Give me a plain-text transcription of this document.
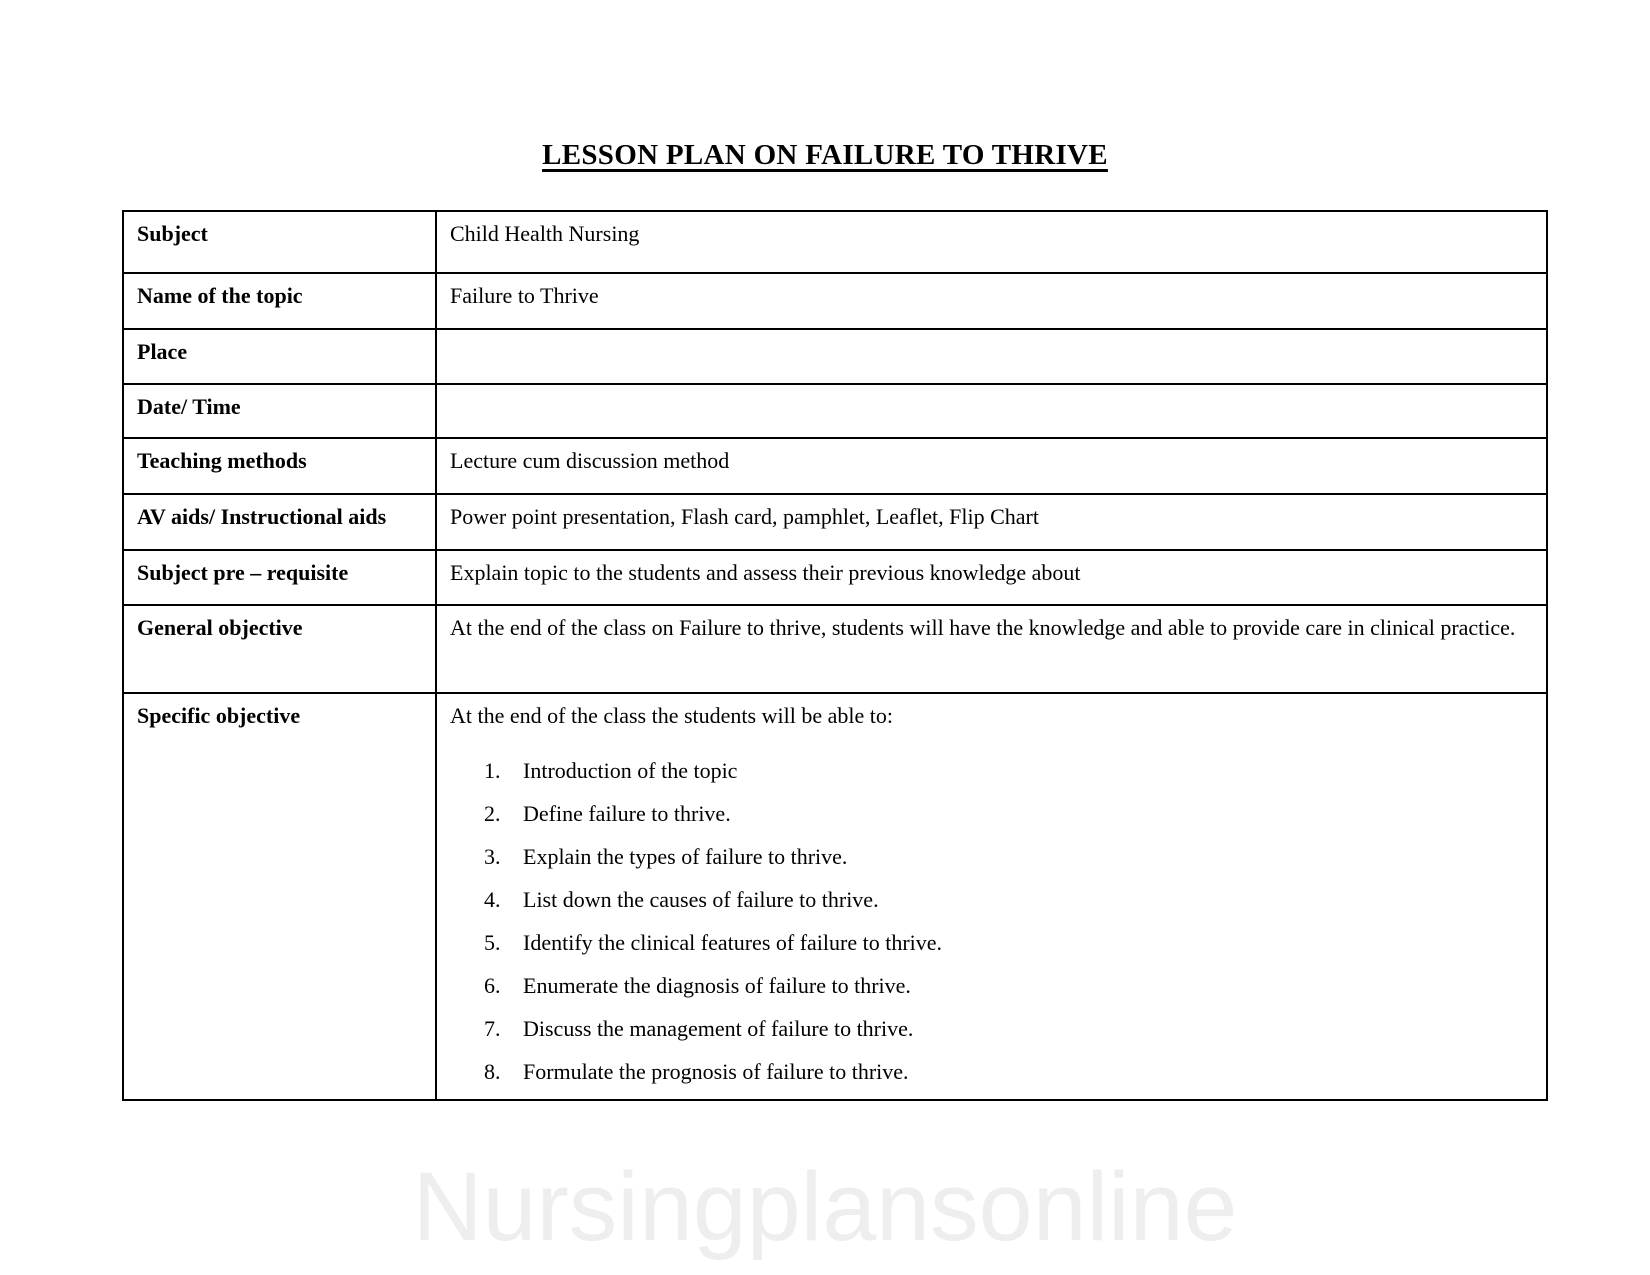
LESSON PLAN ON FAILURE TO THRIVE
Subject	Child Health Nursing
Name of the topic	Failure to Thrive
Place	
Date/ Time	
Teaching methods	Lecture cum discussion method
AV aids/ Instructional aids	Power point presentation, Flash card, pamphlet, Leaflet, Flip Chart
Subject pre – requisite	Explain topic to the students and assess their previous knowledge about
General objective	At the end of the class on Failure to thrive, students will have the knowledge and able to provide care in clinical practice.

Specific objective	At the end of the class the students will be able to:

1. Introduction of the topic
2. Define failure to thrive.
3. Explain the types of failure to thrive.
4. List down the causes of failure to thrive.
5. Identify the clinical features of failure to thrive.
6. Enumerate the diagnosis of failure to thrive.
7. Discuss the management of failure to thrive.
8. Formulate the prognosis of failure to thrive.
Nursingplansonline
